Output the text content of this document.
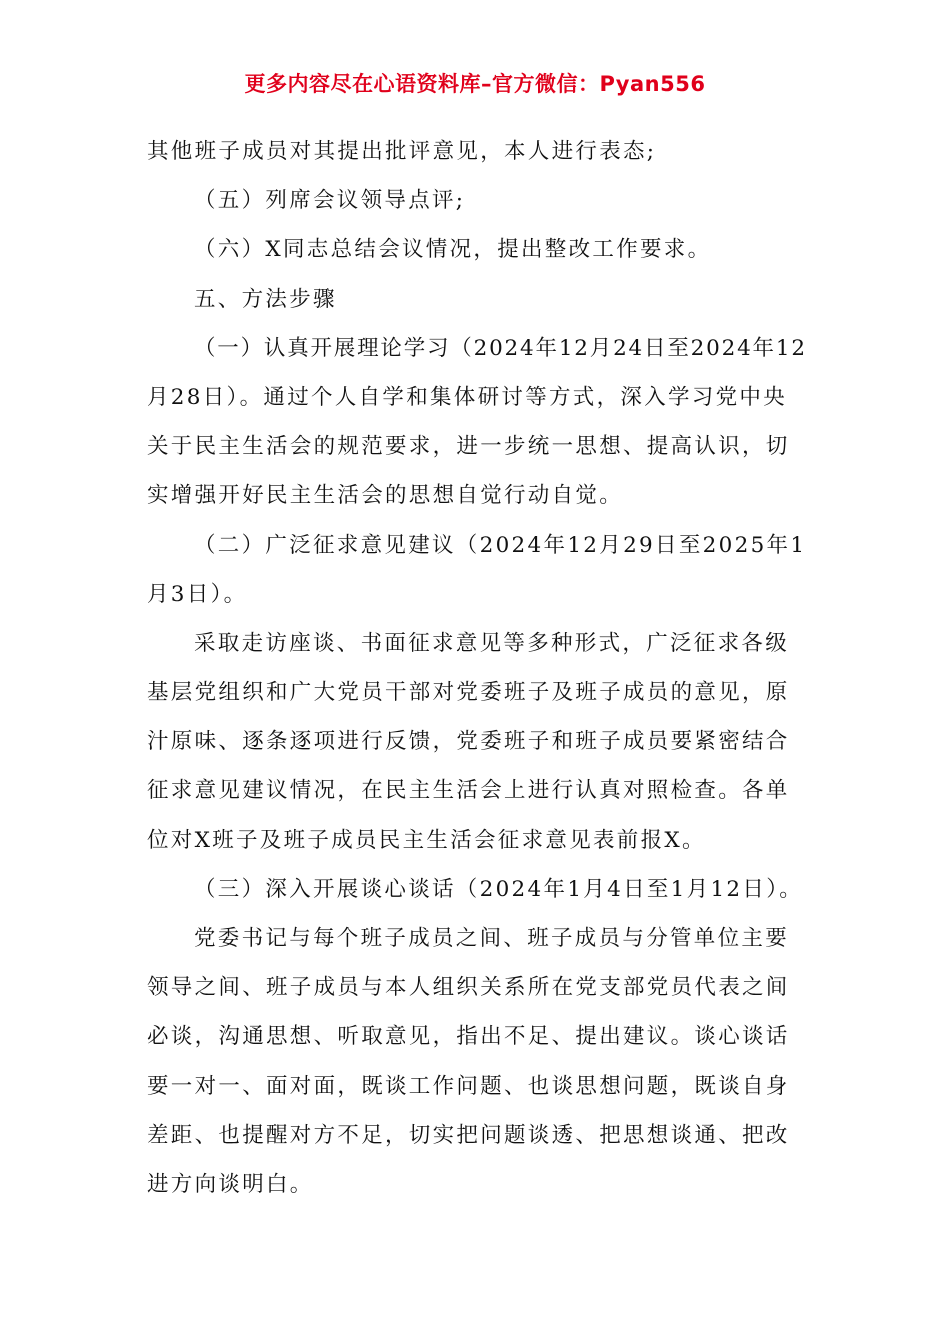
更多内容尽在心语资料库–官方微信：Pyan556
其他班子成员对其提出批评意见，本人进行表态;
（五）列席会议领导点评;
（六）X同志总结会议情况，提出整改工作要求。
五、方法步骤
（一）认真开展理论学习（2024年12月24日至2024年12
月28日）。通过个人自学和集体研讨等方式，深入学习党中央
关于民主生活会的规范要求，进一步统一思想、提高认识，切
实增强开好民主生活会的思想自觉行动自觉。
（二）广泛征求意见建议（2024年12月29日至2025年1
月3日）。
采取走访座谈、书面征求意见等多种形式，广泛征求各级
基层党组织和广大党员干部对党委班子及班子成员的意见，原
汁原味、逐条逐项进行反馈，党委班子和班子成员要紧密结合
征求意见建议情况，在民主生活会上进行认真对照检查。各单
位对X班子及班子成员民主生活会征求意见表前报X。
（三）深入开展谈心谈话（2024年1月4日至1月12日）。
党委书记与每个班子成员之间、班子成员与分管单位主要
领导之间、班子成员与本人组织关系所在党支部党员代表之间
必谈，沟通思想、听取意见，指出不足、提出建议。谈心谈话
要一对一、面对面，既谈工作问题、也谈思想问题，既谈自身
差距、也提醒对方不足，切实把问题谈透、把思想谈通、把改
进方向谈明白。
